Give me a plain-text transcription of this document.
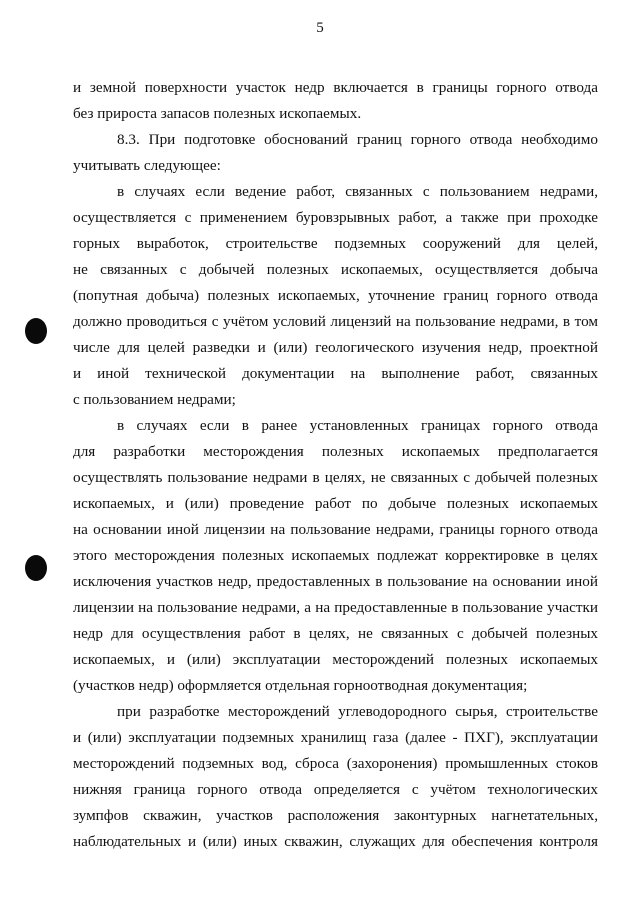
5
и земной поверхности участок недр включается в границы горного отвода
без прироста запасов полезных ископаемых.
8.3. При подготовке обоснований границ горного отвода необходимо
учитывать следующее:
в случаях если ведение работ, связанных с пользованием недрами,
осуществляется с применением буровзрывных работ, а также при проходке
горных выработок, строительстве подземных сооружений для целей,
не связанных с добычей полезных ископаемых, осуществляется добыча
(попутная добыча) полезных ископаемых, уточнение границ горного отвода
должно проводиться с учётом условий лицензий на пользование недрами, в том
числе для целей разведки и (или) геологического изучения недр, проектной
и иной технической документации на выполнение работ, связанных
с пользованием недрами;
в случаях если в ранее установленных границах горного отвода
для разработки месторождения полезных ископаемых предполагается
осуществлять пользование недрами в целях, не связанных с добычей полезных
ископаемых, и (или) проведение работ по добыче полезных ископаемых
на основании иной лицензии на пользование недрами, границы горного отвода
этого месторождения полезных ископаемых подлежат корректировке в целях
исключения участков недр, предоставленных в пользование на основании иной
лицензии на пользование недрами, а на предоставленные в пользование участки
недр для осуществления работ в целях, не связанных с добычей полезных
ископаемых, и (или) эксплуатации месторождений полезных ископаемых
(участков недр) оформляется отдельная горноотводная документация;
при разработке месторождений углеводородного сырья, строительстве
и (или) эксплуатации подземных хранилищ газа (далее - ПХГ), эксплуатации
месторождений подземных вод, сброса (захоронения) промышленных стоков
нижняя граница горного отвода определяется с учётом технологических
зумпфов скважин, участков расположения законтурных нагнетательных,
наблюдательных и (или) иных скважин, служащих для обеспечения контроля
